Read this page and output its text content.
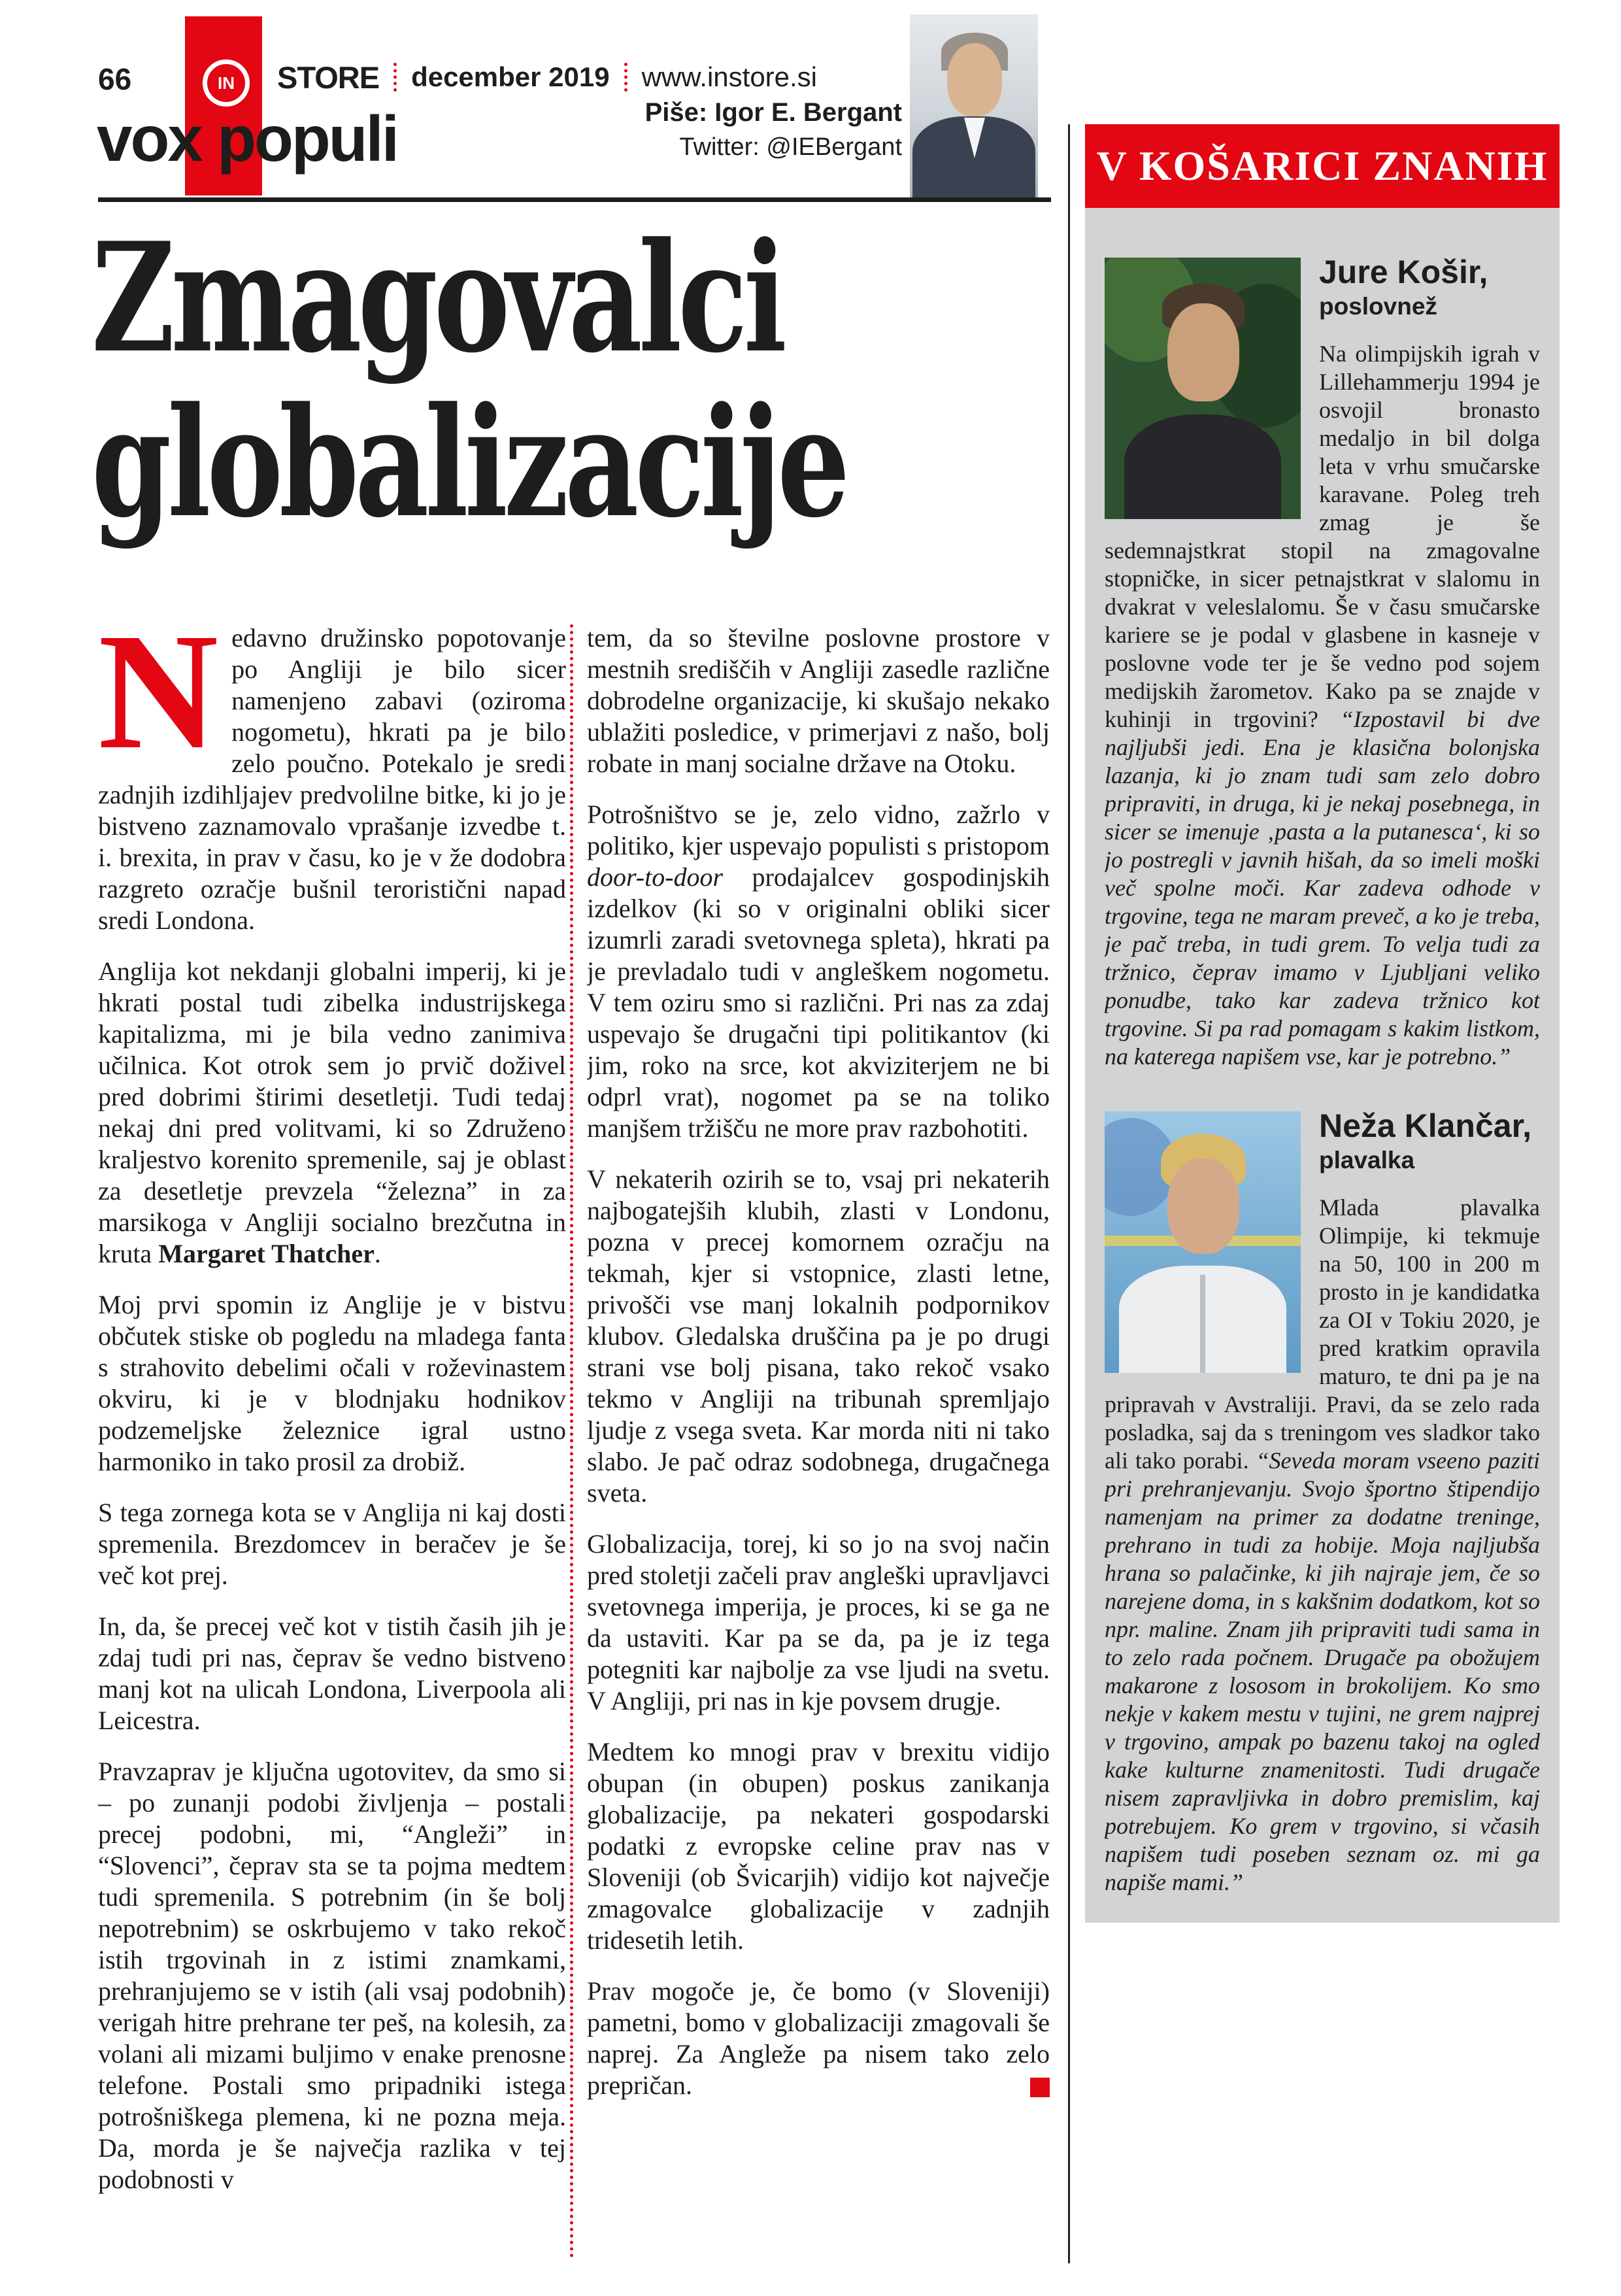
66	IN	STORE december 2019 www.instore.si
vox populi	Piše: Igor E. Bergant
Twitter: @IEBergant
Zmagovalci
globalizacije

Nedavno družinsko popotovanje po Angliji je bilo sicer namenjeno zabavi (oziroma nogometu), hkrati pa je bilo zelo poučno. Potekalo je sredi zadnjih izdihljajev predvolilne bitke, ki jo je bistveno zaznamovalo vprašanje izvedbe t. i. brexita, in prav v času, ko je v že dodobra razgreto ozračje bušnil teroristični napad sredi Londona.

Anglija kot nekdanji globalni imperij, ki je hkrati postal tudi zibelka industrijskega kapitalizma, mi je bila vedno zanimiva učilnica. Kot otrok sem jo prvič doživel pred dobrimi štirimi desetletji. Tudi tedaj nekaj dni pred volitvami, ki so Združeno kraljestvo korenito spremenile, saj je oblast za desetletje prevzela “železna” in za marsikoga v Angliji socialno brezčutna in kruta Margaret Thatcher.

Moj prvi spomin iz Anglije je v bistvu občutek stiske ob pogledu na mladega fanta s strahovito debelimi očali v roževinastem okviru, ki je v blodnjaku hodnikov podzemeljske železnice igral ustno harmoniko in tako prosil za drobiž.

S tega zornega kota se v Anglija ni kaj dosti spremenila. Brezdomcev in beračev je še več kot prej.

In, da, še precej več kot v tistih časih jih je zdaj tudi pri nas, čeprav še vedno bistveno manj kot na ulicah Londona, Liverpoola ali Leicestra.

Pravzaprav je ključna ugotovitev, da smo si – po zunanji podobi življenja – postali precej podobni, mi, “Angleži” in “Slovenci”, čeprav sta se ta pojma medtem tudi spremenila. S potrebnim (in še bolj nepotrebnim) se oskrbujemo v tako rekoč istih trgovinah in z istimi znamkami, prehranjujemo se v istih (ali vsaj podobnih) verigah hitre prehrane ter peš, na kolesih, za volani ali mizami buljimo v enake prenosne telefone. Postali smo pripadniki istega potrošniškega plemena, ki ne pozna meja. Da, morda je še največja razlika v tej podobnosti v

tem, da so številne poslovne prostore v mestnih središčih v Angliji zasedle različne dobrodelne organizacije, ki skušajo nekako ublažiti posledice, v primerjavi z našo, bolj robate in manj socialne države na Otoku.

Potrošništvo se je, zelo vidno, zažrlo v politiko, kjer uspevajo populisti s pristopom door-to-door prodajalcev gospodinjskih izdelkov (ki so v originalni obliki sicer izumrli zaradi svetovnega spleta), hkrati pa je prevladalo tudi v angleškem nogometu. V tem oziru smo si različni. Pri nas za zdaj uspevajo še drugačni tipi politikantov (ki jim, roko na srce, kot akviziterjem ne bi odprl vrat), nogomet pa se na toliko manjšem tržišču ne more prav razbohotiti.

V nekaterih ozirih se to, vsaj pri nekaterih najbogatejših klubih, zlasti v Londonu, pozna v precej komornem ozračju na tekmah, kjer si vstopnice, zlasti letne, privošči vse manj lokalnih podpornikov klubov. Gledalska druščina pa je po drugi strani vse bolj pisana, tako rekoč vsako tekmo v Angliji na tribunah spremljajo ljudje z vsega sveta. Kar morda niti ni tako slabo. Je pač odraz sodobnega, drugačnega sveta.

Globalizacija, torej, ki so jo na svoj način pred stoletji začeli prav angleški upravljavci svetovnega imperija, je proces, ki se ga ne da ustaviti. Kar pa se da, pa je iz tega potegniti kar najbolje za vse ljudi na svetu. V Angliji, pri nas in kje povsem drugje.

Medtem ko mnogi prav v brexitu vidijo obupan (in obupen) poskus zanikanja globalizacije, pa nekateri gospodarski podatki z evropske celine prav nas v Sloveniji (ob Švicarjih) vidijo kot največje zmagovalce globalizacije v zadnjih tridesetih letih.

Prav mogoče je, če bomo (v Sloveniji) pametni, bomo v globalizaciji zmagovali še naprej. Za Angleže pa nisem tako zelo prepričan.

V KOŠARICI ZNANIH
Jure Košir,
poslovnež

Na olimpijskih igrah v Lillehammerju 1994 je osvojil bronasto medaljo in bil dolga leta v vrhu smučarske karavane. Poleg treh zmag je še sedemnajstkrat stopil na zmagovalne stopničke, in sicer petnajstkrat v slalomu in dvakrat v veleslalomu. Še v času smučarske kariere se je podal v glasbene in kasneje v poslovne vode ter je še vedno pod sojem medijskih žarometov. Kako pa se znajde v kuhinji in trgovini? “Izpostavil bi dve najljubši jedi. Ena je klasična bolonjska lazanja, ki jo znam tudi sam zelo dobro pripraviti, in druga, ki je nekaj posebnega, in sicer se imenuje ‚pasta a la putanesca‘, ki so jo postregli v javnih hišah, da so imeli moški več spolne moči. Kar zadeva odhode v trgovine, tega ne maram preveč, a ko je treba, je pač treba, in tudi grem. To velja tudi za tržnico, čeprav imamo v Ljubljani veliko ponudbe, tako kar zadeva tržnico kot trgovine. Si pa rad pomagam s kakim listkom, na katerega napišem vse, kar je potrebno.”

Neža Klančar,
plavalka

Mlada plavalka Olimpije, ki tekmuje na 50, 100 in 200 m prosto in je kandidatka za OI v Tokiu 2020, je pred kratkim opravila maturo, te dni pa je na pripravah v Avstraliji. Pravi, da se zelo rada posladka, saj da s treningom ves sladkor tako ali tako porabi. “Seveda moram vseeno paziti pri prehranjevanju. Svojo športno štipendijo namenjam na primer za dodatne treninge, prehrano in tudi za hobije. Moja najljubša hrana so palačinke, ki jih najraje jem, če so narejene doma, in s kakšnim dodatkom, kot so npr. maline. Znam jih pripraviti tudi sama in to zelo rada počnem. Drugače pa obožujem makarone z lososom in brokolijem. Ko smo nekje v kakem mestu v tujini, ne grem najprej v trgovino, ampak po bazenu takoj na ogled kake kulturne znamenitosti. Tudi drugače nisem zapravljivka in dobro premislim, kaj potrebujem. Ko grem v trgovino, si včasih napišem tudi poseben seznam oz. mi ga napiše mami.”
